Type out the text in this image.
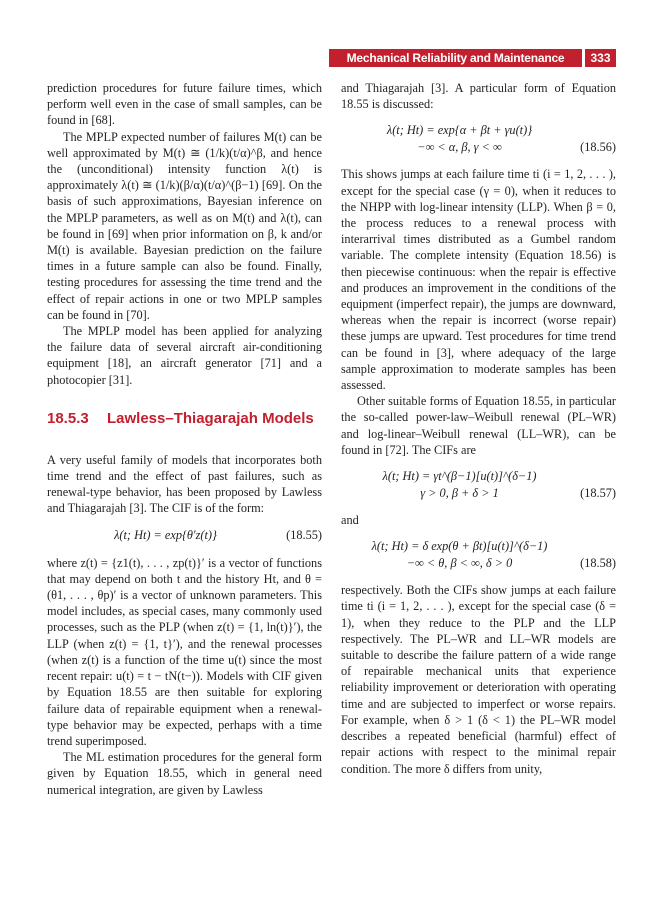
Mechanical Reliability and Maintenance Models
333

prediction procedures for future failure times, which perform well even in the case of small samples, can be found in [68].

The MPLP expected number of failures M(t) can be well approximated by M(t) ≅ (1/k)(t/α)^β, and hence the (unconditional) intensity function λ(t) is approximately λ(t) ≅ (1/k)(β/α)(t/α)^(β−1) [69]. On the basis of such approximations, Bayesian inference on the MPLP parameters, as well as on M(t) and λ(t), can be found in [69] when prior information on β, k and/or M(t) is available. Bayesian prediction on the failure times in a future sample can also be found. Finally, testing procedures for assessing the time trend and the effect of repair actions in one or two MPLP samples can be found in [70].

The MPLP model has been applied for analyzing the failure data of several aircraft air-conditioning equipment [18], an aircraft generator [71] and a photocopier [31].

18.5.3 Lawless–Thiagarajah Models

A very useful family of models that incorporates both time trend and the effect of past failures, such as renewal-type behavior, has been proposed by Lawless and Thiagarajah [3]. The CIF is of the form:

λ(t; Ht) = exp{θ′z(t)}	(18.55)

where z(t) = {z1(t), . . . , zp(t)}′ is a vector of functions that may depend on both t and the history Ht, and θ = (θ1, . . . , θp)′ is a vector of unknown parameters. This model includes, as special cases, many commonly used processes, such as the PLP (when z(t) = {1, ln(t)}′), the LLP (when z(t) = {1, t}′), and the renewal processes (when z(t) is a function of the time u(t) since the most recent repair: u(t) = t − tN(t−)). Models with CIF given by Equation 18.55 are then suitable for exploring failure data of repairable equipment when a renewal-type behavior may be expected, perhaps with a time trend superimposed.

The ML estimation procedures for the general form given by Equation 18.55, which in general need numerical integration, are given by Lawless

and Thiagarajah [3]. A particular form of Equation 18.55 is discussed:

λ(t; Ht) = exp{α + βt + γu(t)}
−∞ < α, β, γ < ∞	(18.56)

This shows jumps at each failure time ti (i = 1, 2, . . . ), except for the special case (γ = 0), when it reduces to the NHPP with log-linear intensity (LLP). When β = 0, the process reduces to a renewal process with interarrival times distributed as a Gumbel random variable. The complete intensity (Equation 18.56) is then piecewise continuous: when the repair is effective and produces an improvement in the conditions of the equipment (imperfect repair), the jumps are downward, whereas when the repair is incorrect (worse repair) these jumps are upward. Test procedures for time trend can be found in [3], where adequacy of the large sample approximation to moderate samples has been assessed.

Other suitable forms of Equation 18.55, in particular the so-called power-law–Weibull renewal (PL–WR) and log-linear–Weibull renewal (LL–WR), can be found in [72]. The CIFs are

λ(t; Ht) = γt^(β−1)[u(t)]^(δ−1)
γ > 0, β + δ > 1	(18.57)

and

λ(t; Ht) = δ exp(θ + βt)[u(t)]^(δ−1)
−∞ < θ, β < ∞, δ > 0	(18.58)

respectively. Both the CIFs show jumps at each failure time ti (i = 1, 2, . . . ), except for the special case (δ = 1), when they reduce to the PLP and the LLP respectively. The PL–WR and LL–WR models are suitable to describe the failure pattern of a wide range of repairable mechanical units that experience reliability improvement or deterioration with operating time and are subjected to imperfect or worse repairs. For example, when δ > 1 (δ < 1) the PL–WR model describes a repeated beneficial (harmful) effect of repair actions with respect to the minimal repair condition. The more δ differs from unity,
